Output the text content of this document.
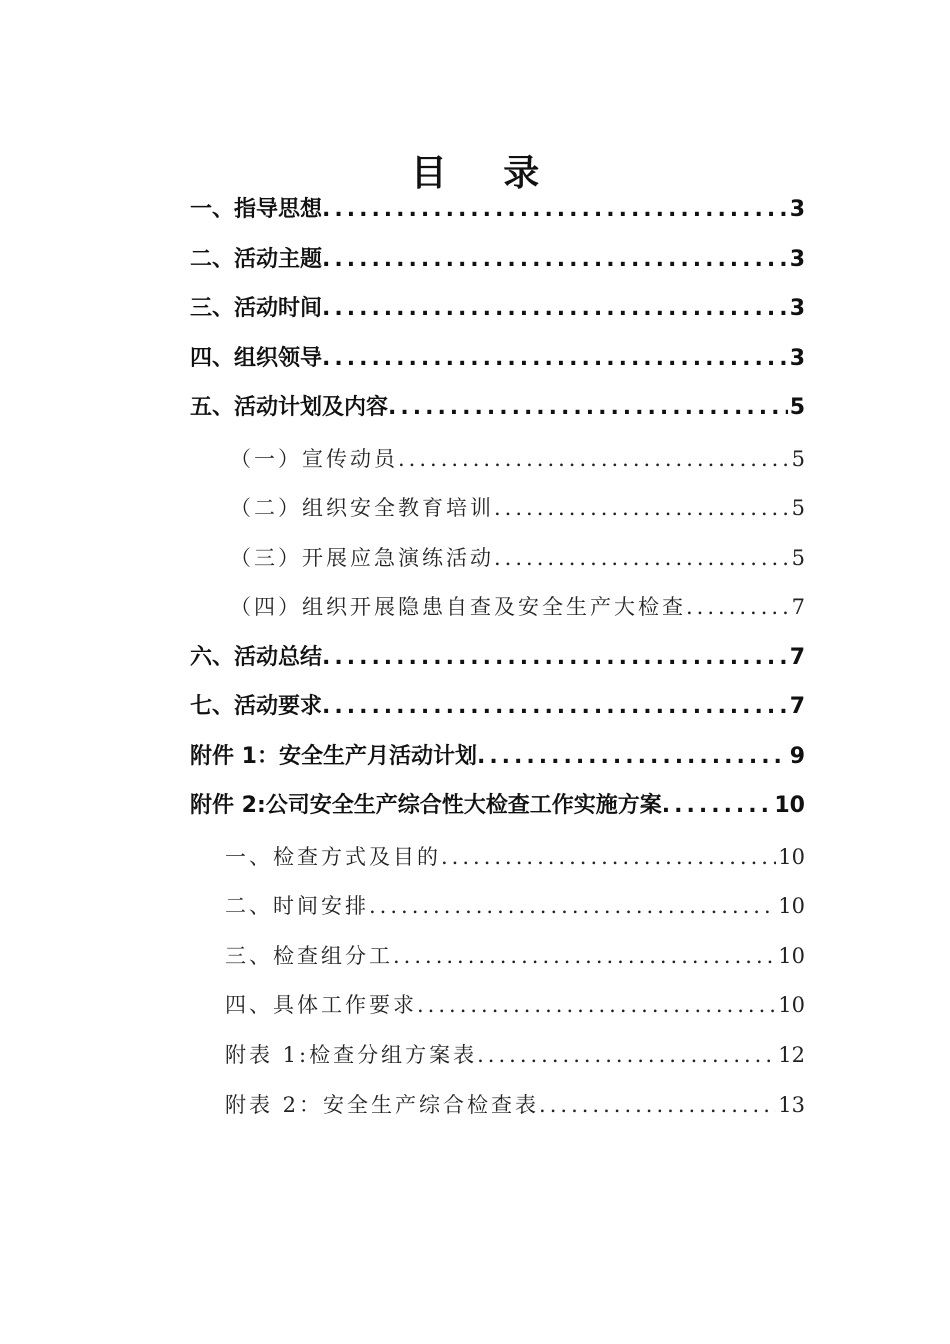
目 录
一、指导思想 .....	3
二、活动主题 .....	3
三、活动时间 .....	3
四、组织领导 .....	3
五、活动计划及内容 .....	5
（一）宣传动员 .....	5
（二）组织安全教育培训 .....	5
（三）开展应急演练活动 .....	5
（四）组织开展隐患自查及安全生产大检查 .....	7
六、活动总结 .....	7
七、活动要求 .....	7
附件 1：安全生产月活动计划 .....	9
附件 2:公司安全生产综合性大检查工作实施方案 .....	10
一、检查方式及目的 .....	10
二、时间安排 .....	10
三、检查组分工 .....	10
四、具体工作要求 .....	10
附表 1:检查分组方案表 .....	12
附表 2：安全生产综合检查表 .....	13
